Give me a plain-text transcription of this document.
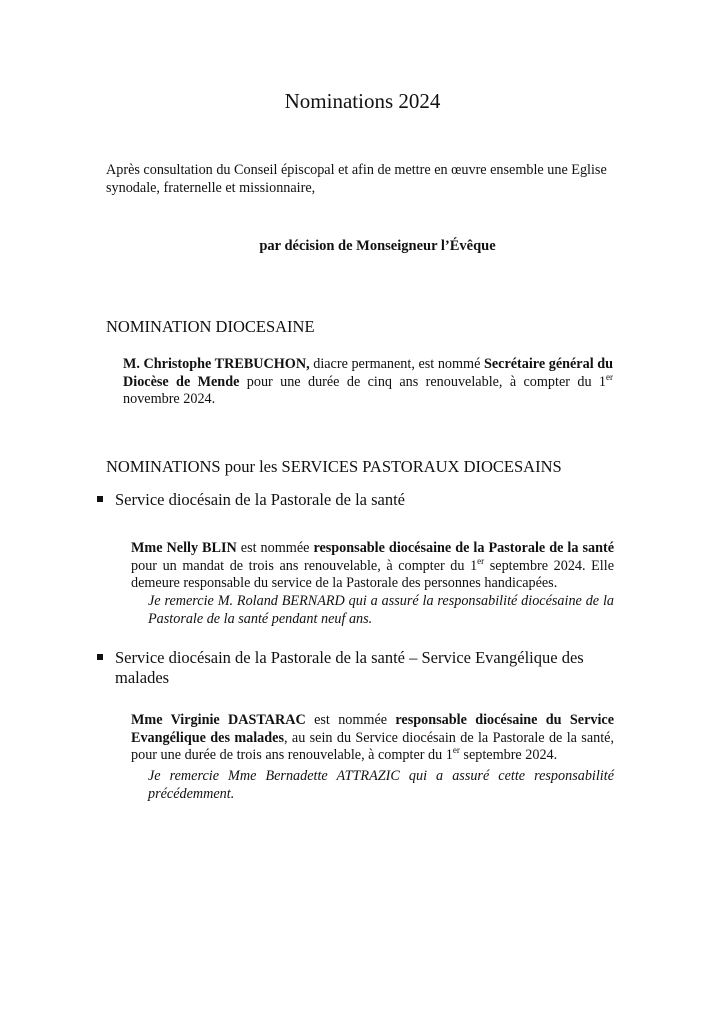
Nominations 2024
Après consultation du Conseil épiscopal et afin de mettre en œuvre ensemble une Eglise synodale, fraternelle et missionnaire,
par décision de Monseigneur l’Évêque
NOMINATION DIOCESAINE
M. Christophe TREBUCHON, diacre permanent, est nommé Secrétaire général du Diocèse de Mende pour une durée de cinq ans renouvelable, à compter du 1er novembre 2024.
NOMINATIONS pour les SERVICES PASTORAUX DIOCESAINS
Service diocésain de la Pastorale de la santé
Mme Nelly BLIN est nommée responsable diocésaine de la Pastorale de la santé pour un mandat de trois ans renouvelable, à compter du 1er septembre 2024. Elle demeure responsable du service de la Pastorale des personnes handicapées.
Je remercie M. Roland BERNARD qui a assuré la responsabilité diocésaine de la Pastorale de la santé pendant neuf ans.
Service diocésain de la Pastorale de la santé – Service Evangélique des malades
Mme Virginie DASTARAC est nommée responsable diocésaine du Service Evangélique des malades, au sein du Service diocésain de la Pastorale de la santé, pour une durée de trois ans renouvelable, à compter du 1er septembre 2024.
Je remercie Mme Bernadette ATTRAZIC qui a assuré cette responsabilité précédemment.
